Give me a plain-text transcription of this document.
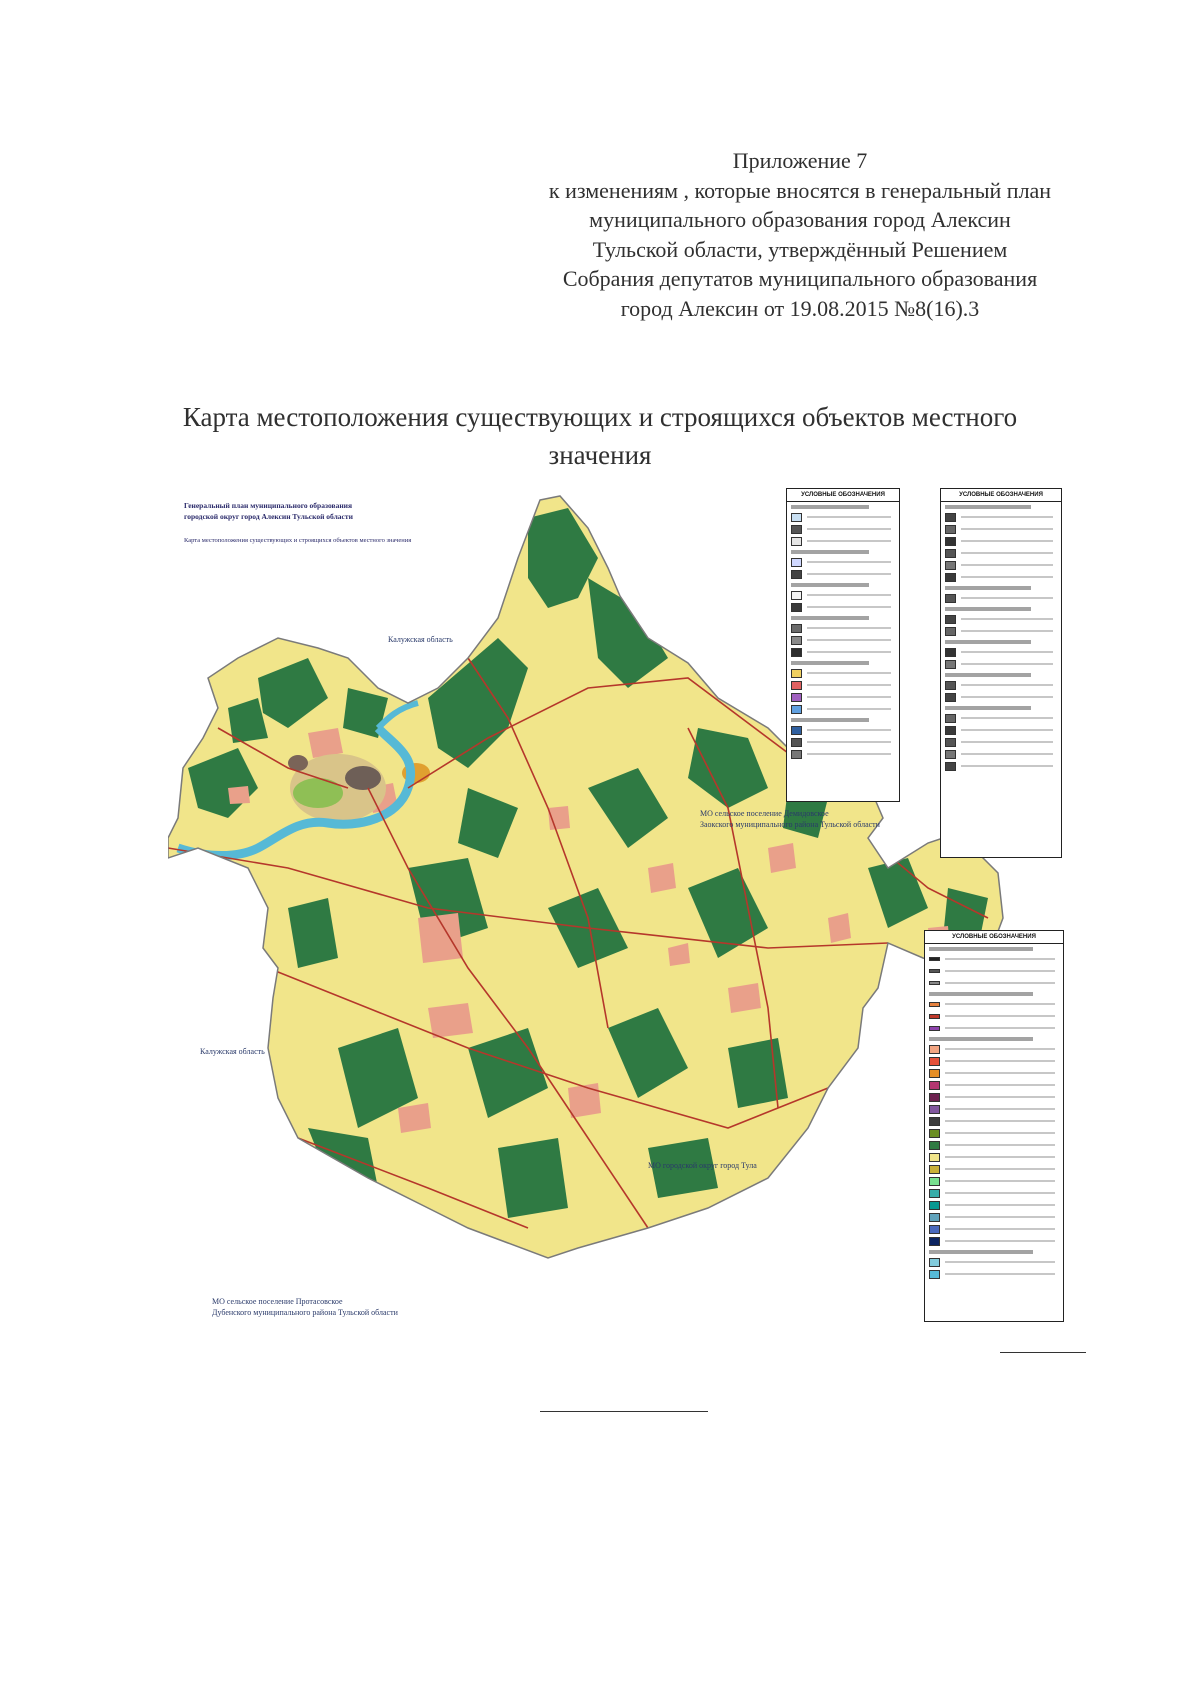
Приложение 7
к изменениям , которые вносятся в генеральный план
муниципального образования город Алексин
Тульской области, утверждённый Решением
Собрания депутатов муниципального образования
город Алексин от 19.08.2015 №8(16).3
Карта местоположения существующих и строящихся объектов местного
значения
Генеральный план муниципального образования
городской округ город Алексин Тульской области
Карта местоположения существующих и строящихся объектов местного значения
Калужская область
Калужская область
МО сельское поселение Демидовское
Заокского муниципального района Тульской области
МО городской округ город Тула
МО сельское поселение Протасовское
Дубенского муниципального района Тульской области
УСЛОВНЫЕ ОБОЗНАЧЕНИЯ	УСЛОВНЫЕ ОБОЗНАЧЕНИЯ
УСЛОВНЫЕ ОБОЗНАЧЕНИЯ
